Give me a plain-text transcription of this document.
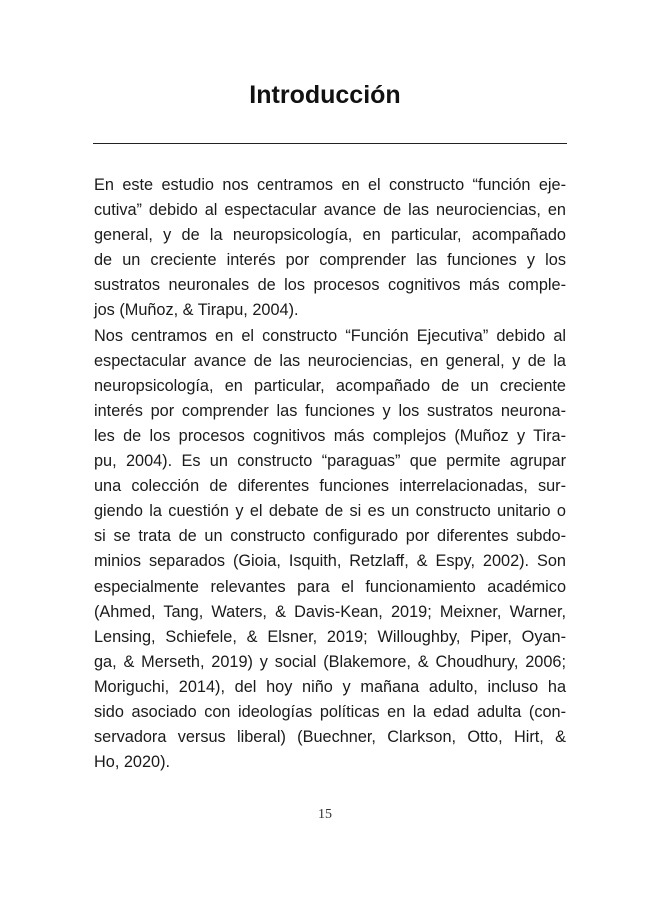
Introducción
En este estudio nos centramos en el constructo “función eje-
cutiva” debido al espectacular avance de las neurociencias, en
general, y de la neuropsicología, en particular, acompañado
de un creciente interés por comprender las funciones y los
sustratos neuronales de los procesos cognitivos más comple-
jos (Muñoz, & Tirapu, 2004).
Nos centramos en el constructo “Función Ejecutiva” debido al
espectacular avance de las neurociencias, en general, y de la
neuropsicología, en particular, acompañado de un creciente
interés por comprender las funciones y los sustratos neurona-
les de los procesos cognitivos más complejos (Muñoz y Tira-
pu, 2004). Es un constructo “paraguas” que permite agrupar
una colección de diferentes funciones interrelacionadas, sur-
giendo la cuestión y el debate de si es un constructo unitario o
si se trata de un constructo configurado por diferentes subdo-
minios separados (Gioia, Isquith, Retzlaff, & Espy, 2002). Son
especialmente relevantes para el funcionamiento académico
(Ahmed, Tang, Waters, & Davis-Kean, 2019; Meixner, Warner,
Lensing, Schiefele, & Elsner, 2019; Willoughby, Piper, Oyan-
ga, & Merseth, 2019) y social (Blakemore, & Choudhury, 2006;
Moriguchi, 2014), del hoy niño y mañana adulto, incluso ha
sido asociado con ideologías políticas en la edad adulta (con-
servadora versus liberal) (Buechner, Clarkson, Otto, Hirt, &
Ho, 2020).
15
